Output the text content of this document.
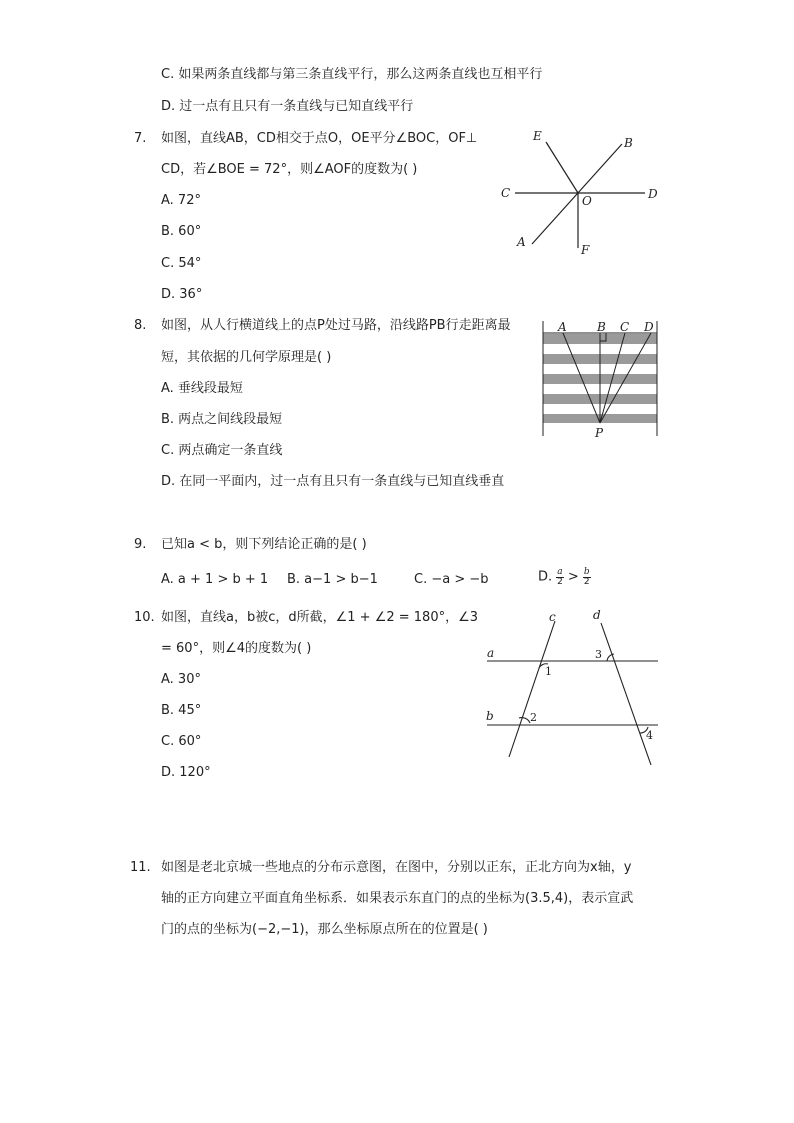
C. 如果两条直线都与第三条直线平行，那么这两条直线也互相平行
D. 过一点有且只有一条直线与已知直线平行
7. 如图，直线AB，CD相交于点O，OE平分∠BOC，OF⊥
CD，若∠BOE = 72°，则∠AOF的度数为( )
A. 72°
B. 60°
C. 54°
D. 36°
E	B
C
O	D
A
F
8. 如图，从人行横道线上的点P处过马路，沿线路PB行走距离最
短，其依据的几何学原理是( )
A. 垂线段最短
B. 两点之间线段最短
C. 两点确定一条直线
D. 在同一平面内，过一点有且只有一条直线与已知直线垂直
A	B C D
P
9. 已知a < b，则下列结论正确的是( )
A. a + 1 > b + 1 B. a−1 > b−1	C. −a > −b	D. $\frac{a}{2} > \frac{b}{2}$
10. 如图，直线a，b被c，d所截，∠1 + ∠2 = 180°，∠3
= 60°，则∠4的度数为( )
A. 30°
B. 45°
C. 60°
D. 120°
c	d
a
b
1
2
3
4
11. 如图是老北京城一些地点的分布示意图，在图中，分别以正东，正北方向为x轴，y
轴的正方向建立平面直角坐标系．如果表示东直门的点的坐标为(3.5,4)，表示宣武
门的点的坐标为(−2,−1)，那么坐标原点所在的位置是( )
